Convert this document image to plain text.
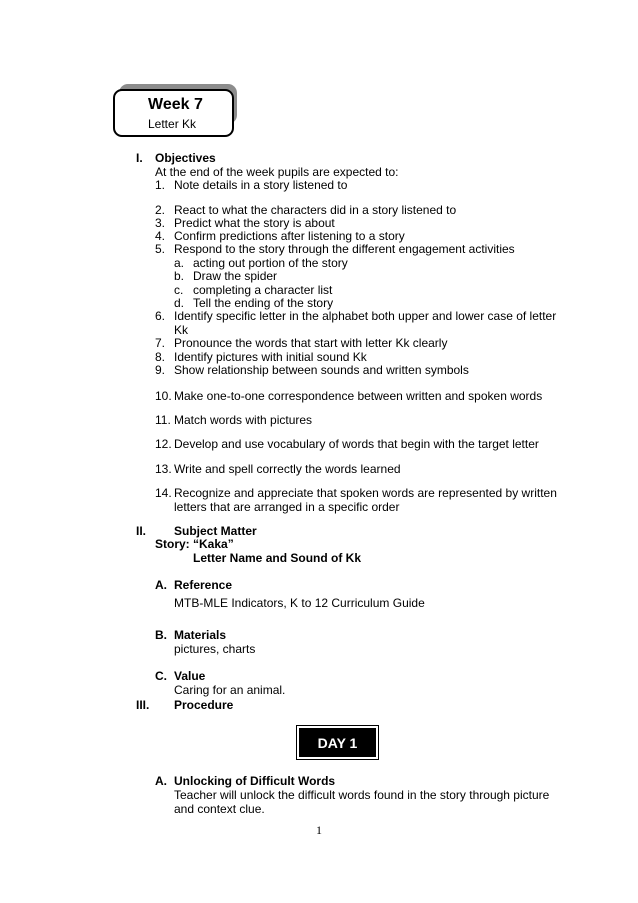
Week 7
Letter Kk
I. Objectives
At the end of the week pupils are expected to:
1. Note details in a story listened to
2. React to what the characters did in a story listened to
3. Predict what the story is about
4. Confirm predictions after listening to a story
5. Respond to the story through the different engagement activities
a. acting out portion of the story
b. Draw the spider
c. completing a character list
d. Tell the ending of the story
6. Identify specific letter in the alphabet both upper and lower case of letter
Kk
7. Pronounce the words that start with letter Kk clearly
8. Identify pictures with initial sound Kk
9. Show relationship between sounds and written symbols
10. Make one-to-one correspondence between written and spoken words
11. Match words with pictures
12. Develop and use vocabulary of words that begin with the target letter
13. Write and spell correctly the words learned
14. Recognize and appreciate that spoken words are represented by written
letters that are arranged in a specific order
II. Subject Matter
Story: “Kaka”
Letter Name and Sound of Kk
A. Reference
MTB-MLE Indicators, K to 12 Curriculum Guide
B. Materials
pictures, charts
C. Value
Caring for an animal.
III. Procedure
DAY 1
A. Unlocking of Difficult Words
Teacher will unlock the difficult words found in the story through picture
and context clue.
1
